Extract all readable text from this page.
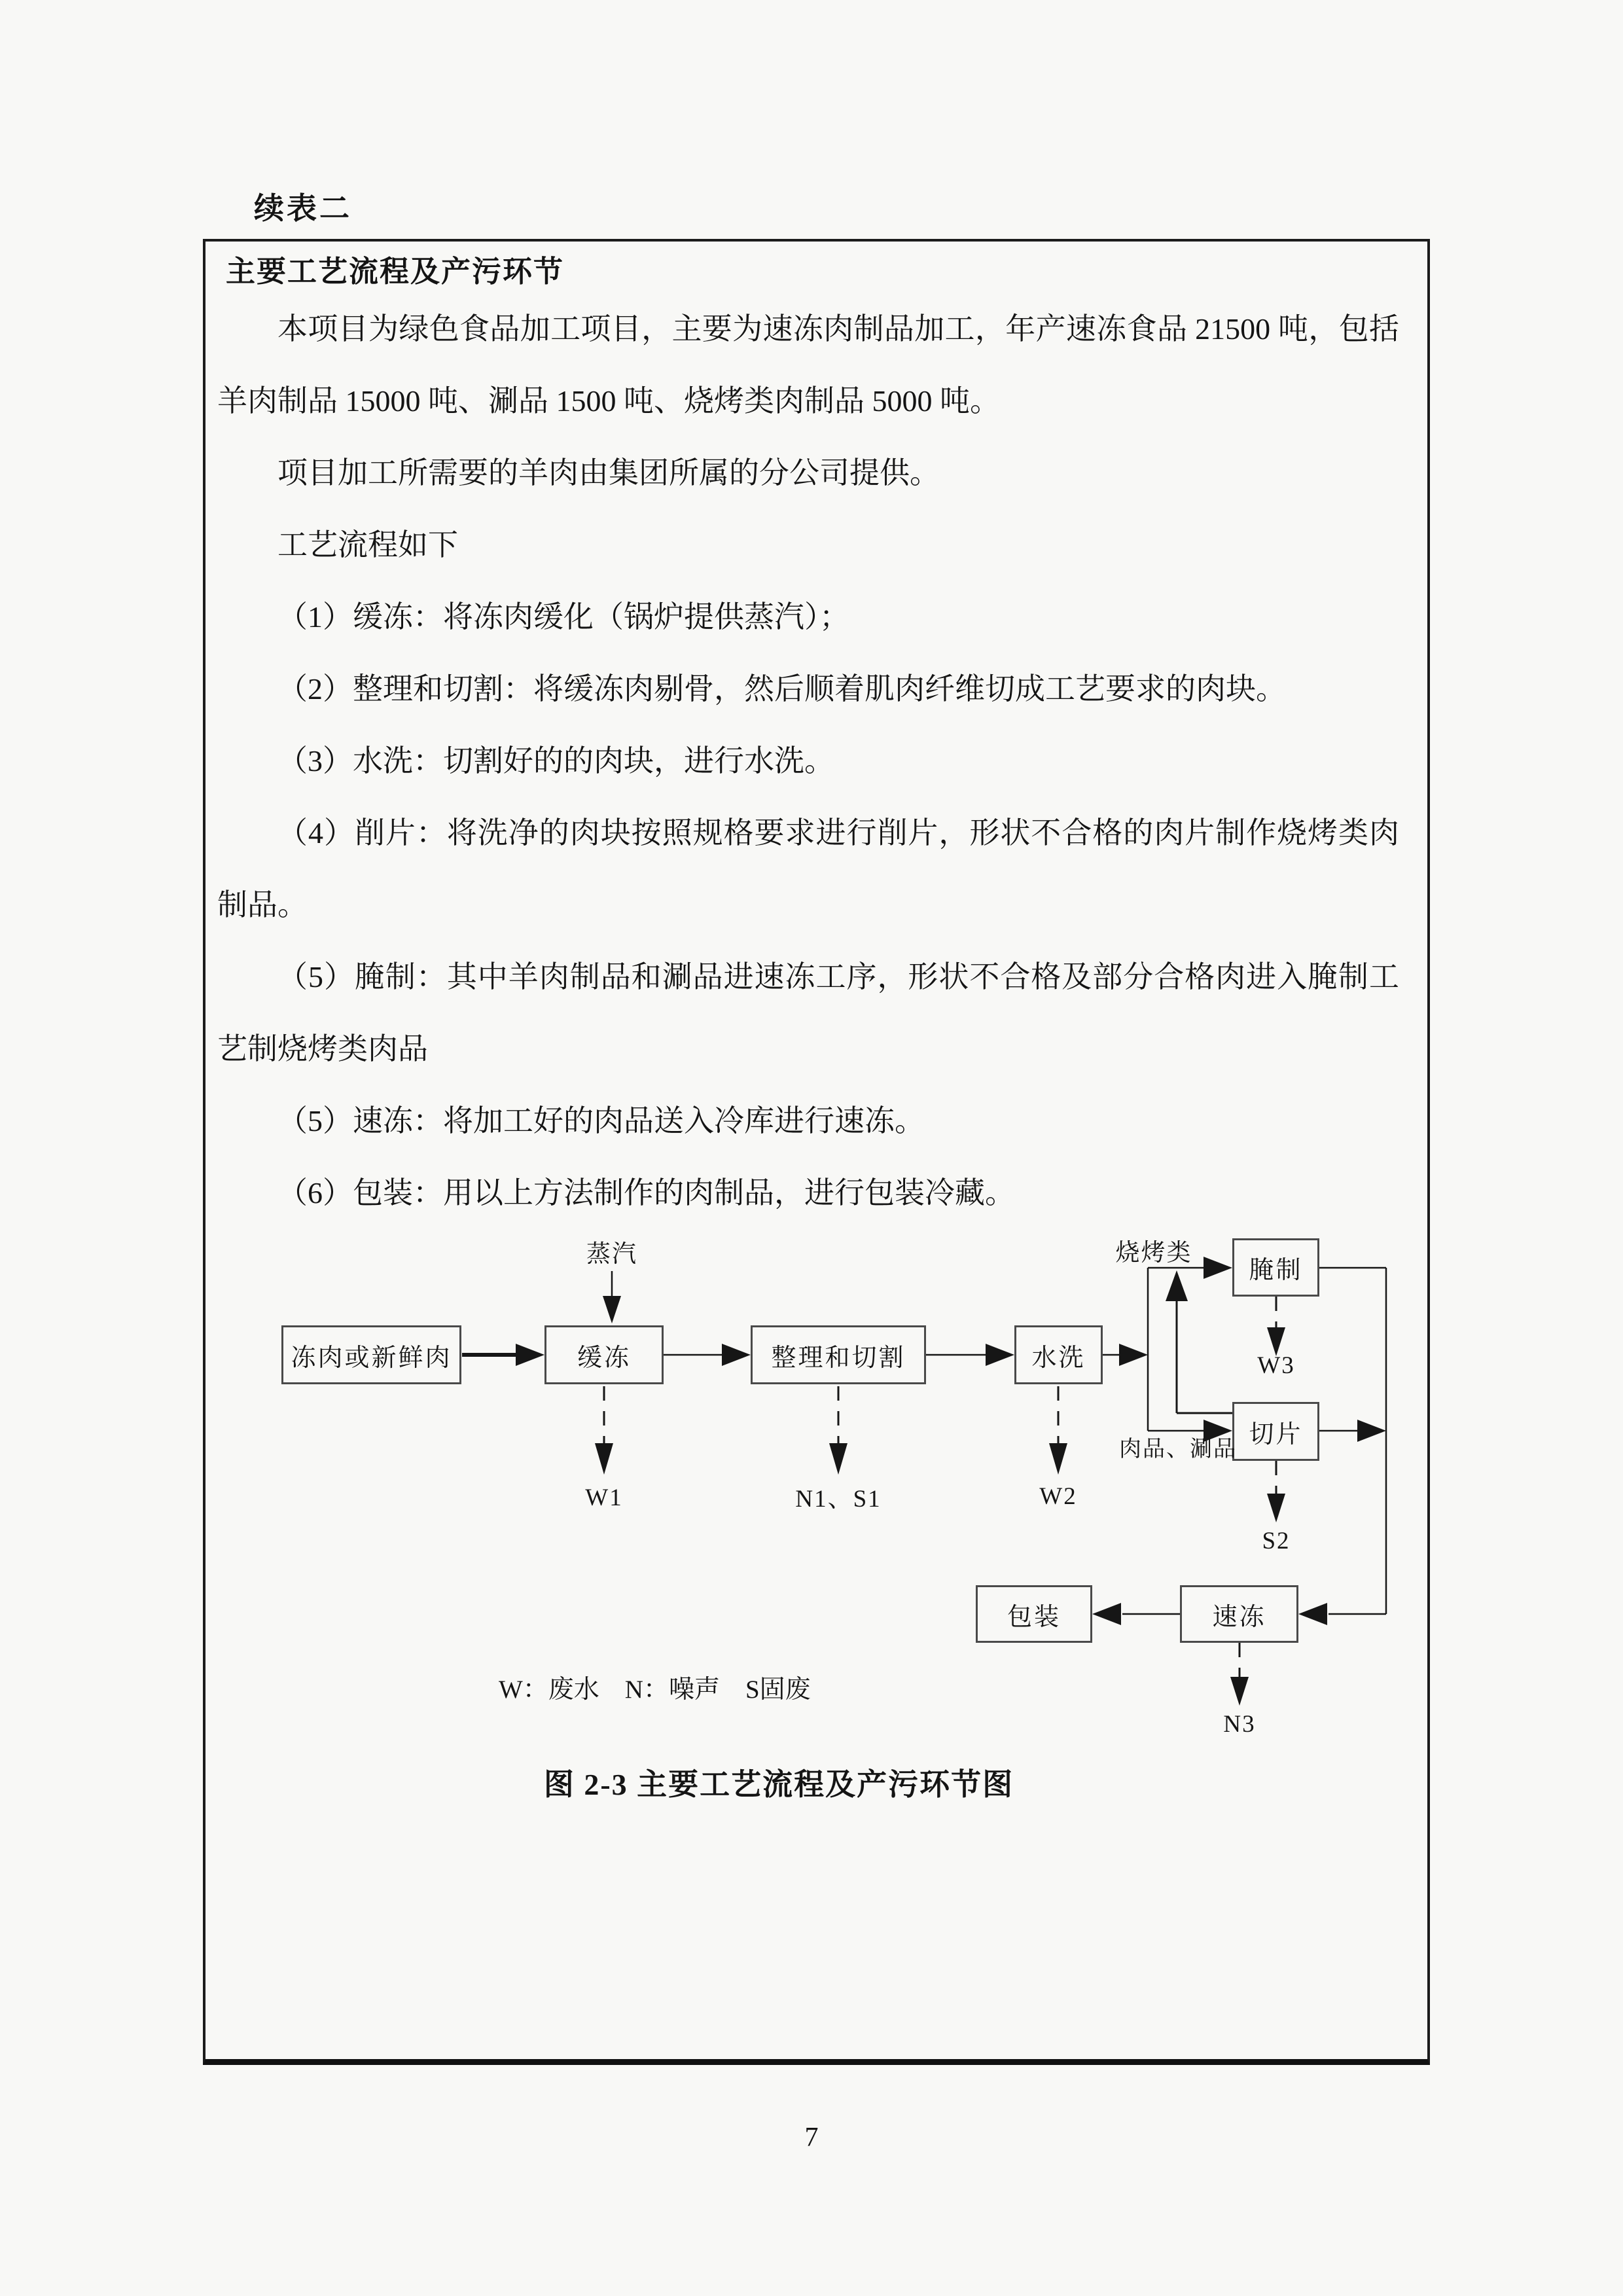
续表二
主要工艺流程及产污环节

本项目为绿色食品加工项目，主要为速冻肉制品加工，年产速冻食品 21500 吨，包括羊肉制品 15000 吨、涮品 1500 吨、烧烤类肉制品 5000 吨。

项目加工所需要的羊肉由集团所属的分公司提供。

工艺流程如下

（1）缓冻：将冻肉缓化（锅炉提供蒸汽）；

（2）整理和切割：将缓冻肉剔骨，然后顺着肌肉纤维切成工艺要求的肉块。

（3）水洗：切割好的的肉块，进行水洗。

（4）削片：将洗净的肉块按照规格要求进行削片，形状不合格的肉片制作烧烤类肉制品。

（5）腌制：其中羊肉制品和涮品进速冻工序，形状不合格及部分合格肉进入腌制工艺制烧烤类肉品

（5）速冻：将加工好的肉品送入冷库进行速冻。

（6）包装：用以上方法制作的肉制品，进行包装冷藏。

冻肉或新鲜肉	缓冻	整理和切割	水洗
腌制
切片
包装	速冻
蒸汽	烧烤类
肉品、涮品
W1	N1、S1	W2
W3
S2
N3
W：废水　N：噪声　S固废
图 2-3 主要工艺流程及产污环节图
7
